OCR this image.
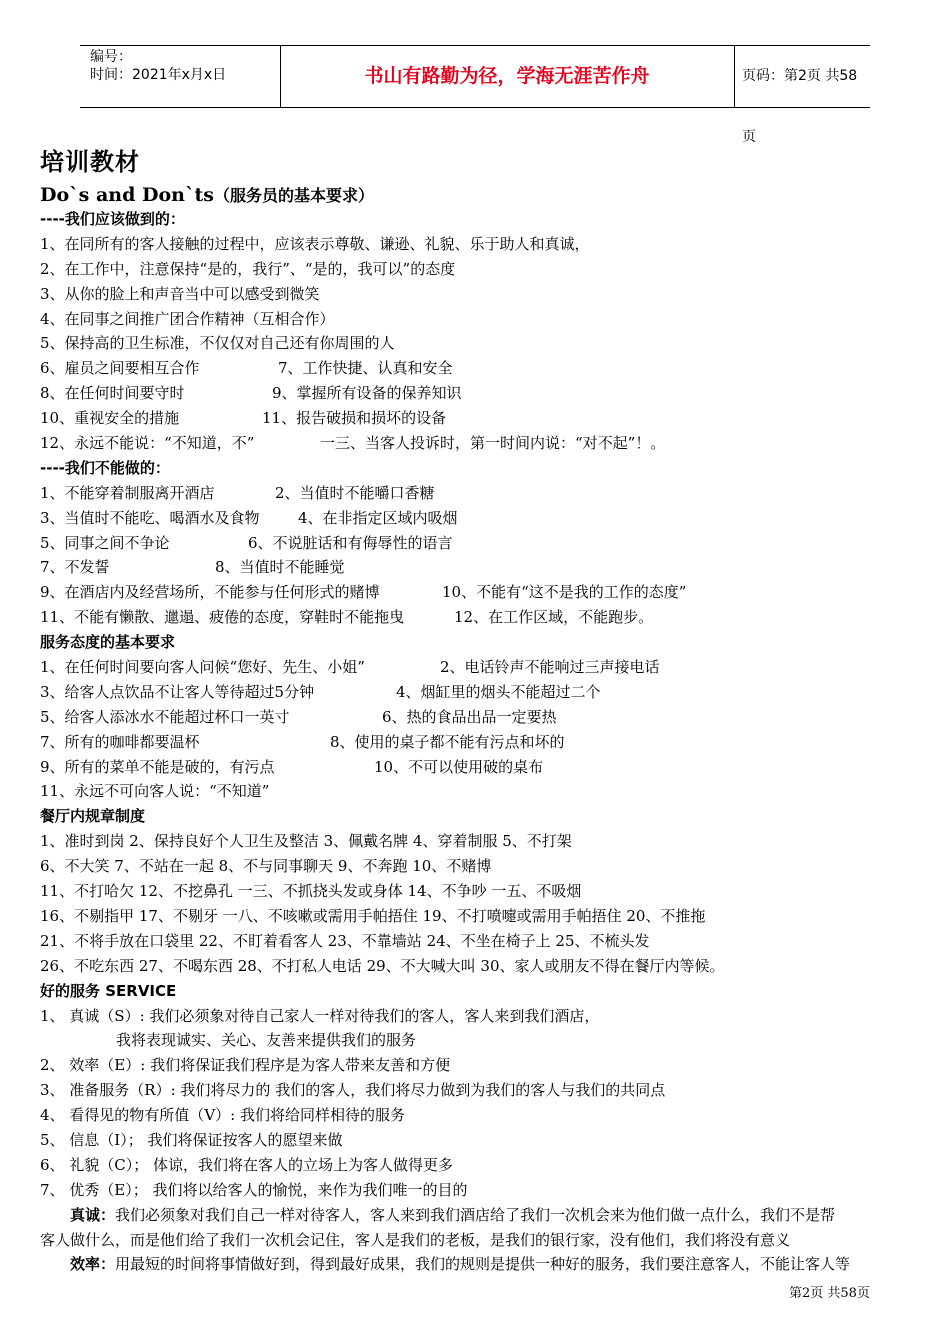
编号：
时间：2021年x月x日	书山有路勤为径，学海无涯苦作舟	页码：第2页 共58页
培训教材
Do`s and Don`ts（服务员的基本要求）
----我们应该做到的：
1、在同所有的客人接触的过程中，应该表示尊敬、谦逊、礼貌、乐于助人和真诚，
2、在工作中，注意保持“是的，我行”、“是的，我可以”的态度
3、从你的脸上和声音当中可以感受到微笑
4、在同事之间推广团合作精神（互相合作）
5、保持高的卫生标准，不仅仅对自己还有你周围的人
6、雇员之间要相互合作	7、工作快捷、认真和安全
8、在任何时间要守时	9、掌握所有设备的保养知识
10、重视安全的措施	11、报告破损和损坏的设备
12、永远不能说：“不知道，不”	一三、当客人投诉时，第一时间内说：“对不起”！。
----我们不能做的：
1、不能穿着制服离开酒店	2、当值时不能嚼口香糖
3、当值时不能吃、喝酒水及食物	4、在非指定区域内吸烟
5、同事之间不争论	6、不说脏话和有侮辱性的语言
7、不发誓	8、当值时不能睡觉
9、在酒店内及经营场所，不能参与任何形式的赌博	10、不能有“这不是我的工作的态度”
11、不能有懒散、邋遢、疲倦的态度，穿鞋时不能拖曳	12、在工作区域，不能跑步。
服务态度的基本要求
1、在任何时间要向客人问候“您好、先生、小姐”	2、电话铃声不能响过三声接电话
3、给客人点饮品不让客人等待超过5分钟	4、烟缸里的烟头不能超过二个
5、给客人添冰水不能超过杯口一英寸	6、热的食品出品一定要热
7、所有的咖啡都要温杯	8、使用的桌子都不能有污点和坏的
9、所有的菜单不能是破的，有污点	10、不可以使用破的桌布
11、永远不可向客人说：“不知道”
餐厅内规章制度
1、准时到岗 2、保持良好个人卫生及整洁 3、佩戴名牌 4、穿着制服 5、不打架
6、不大笑 7、不站在一起 8、不与同事聊天 9、不奔跑 10、不赌博
11、不打哈欠 12、不挖鼻孔 一三、不抓挠头发或身体 14、不争吵 一五、不吸烟
16、不剔指甲 17、不剔牙 一八、不咳嗽或需用手帕捂住 19、不打喷嚏或需用手帕捂住 20、不推拖
21、不将手放在口袋里 22、不盯着看客人 23、不靠墙站 24、不坐在椅子上 25、不梳头发
26、不吃东西 27、不喝东西 28、不打私人电话 29、不大喊大叫 30、家人或朋友不得在餐厅内等候。
好的服务 SERVICE
1、 真诚（S）: 我们必须象对待自己家人一样对待我们的客人，客人来到我们酒店，
我将表现诚实、关心、友善来提供我们的服务
2、 效率（E）: 我们将保证我们程序是为客人带来友善和方便
3、 准备服务（R）: 我们将尽力的 我们的客人，我们将尽力做到为我们的客人与我们的共同点
4、 看得见的物有所值（V）: 我们将给同样相待的服务
5、 信息（I）； 我们将保证按客人的愿望来做
6、 礼貌（C）； 体谅，我们将在客人的立场上为客人做得更多
7、 优秀（E）； 我们将以给客人的愉悦，来作为我们唯一的目的
真诚：我们必须象对我们自己一样对待客人，客人来到我们酒店给了我们一次机会来为他们做一点什么，我们不是帮
客人做什么，而是他们给了我们一次机会记住，客人是我们的老板，是我们的银行家，没有他们，我们将没有意义
效率：用最短的时间将事情做好到，得到最好成果，我们的规则是提供一种好的服务，我们要注意客人，不能让客人等
第2页 共58页
